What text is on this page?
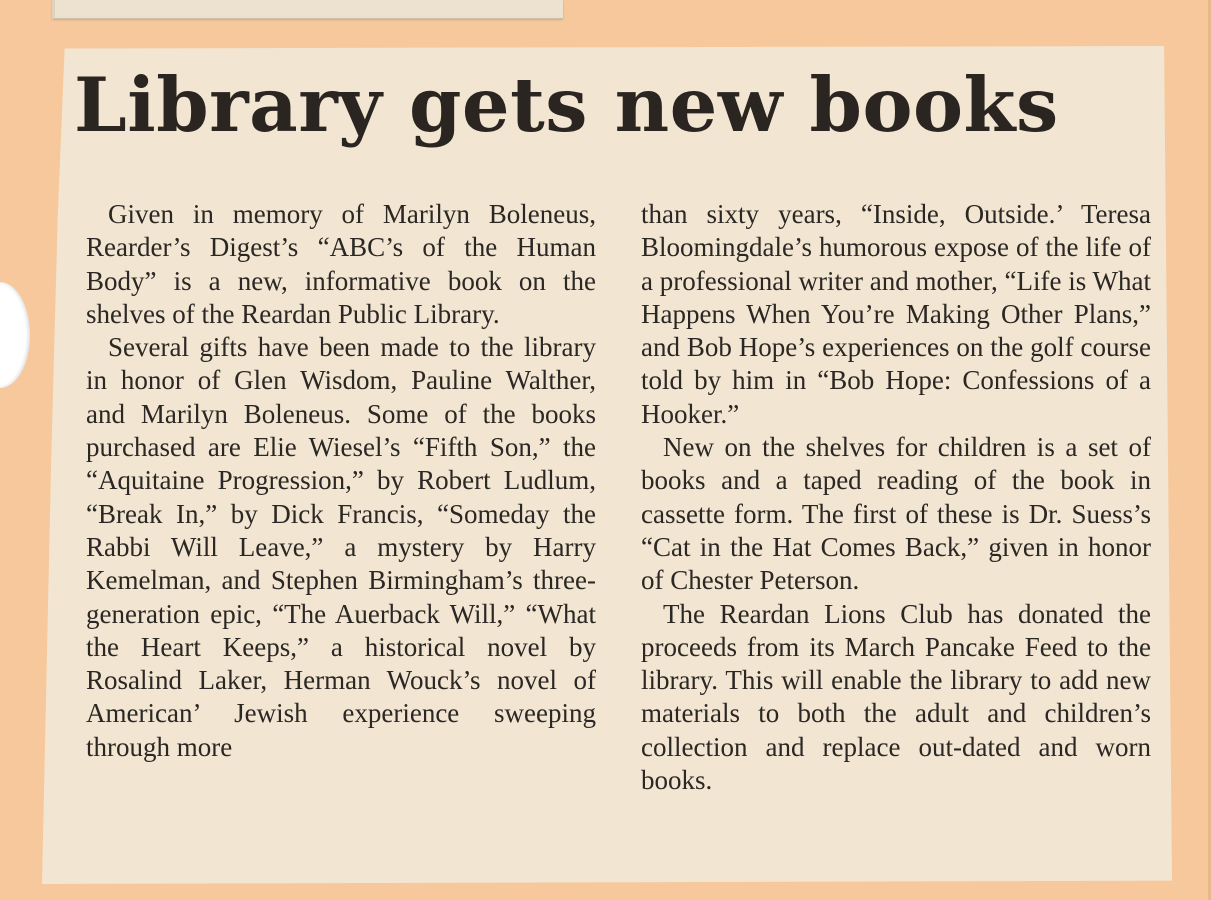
Library gets new books

Given in memory of Marilyn Boleneus, Rearder’s Digest’s “ABC’s of the Human Body” is a new, informative book on the shelves of the Reardan Public Library.

Several gifts have been made to the library in honor of Glen Wisdom, Pauline Walther, and Marilyn Boleneus. Some of the books purchased are Elie Wiesel’s “Fifth Son,” the “Aquitaine Progression,” by Robert Ludlum, “Break In,” by Dick Francis, “Someday the Rabbi Will Leave,” a mystery by Harry Kemelman, and Stephen Birmingham’s three-generation epic, “The Auerback Will,” “What the Heart Keeps,” a historical novel by Rosalind Laker, Herman Wouck’s novel of American’ Jewish experience sweeping through more

than sixty years, “Inside, Outside.’ Teresa Bloomingdale’s humorous expose of the life of a professional writer and mother, “Life is What Happens When You’re Making Other Plans,” and Bob Hope’s experiences on the golf course told by him in “Bob Hope: Confessions of a Hooker.”

New on the shelves for children is a set of books and a taped reading of the book in cassette form. The first of these is Dr. Suess’s “Cat in the Hat Comes Back,” given in honor of Chester Peterson.

The Reardan Lions Club has donated the proceeds from its March Pancake Feed to the library. This will enable the library to add new materials to both the adult and children’s collection and replace out-dated and worn books.
